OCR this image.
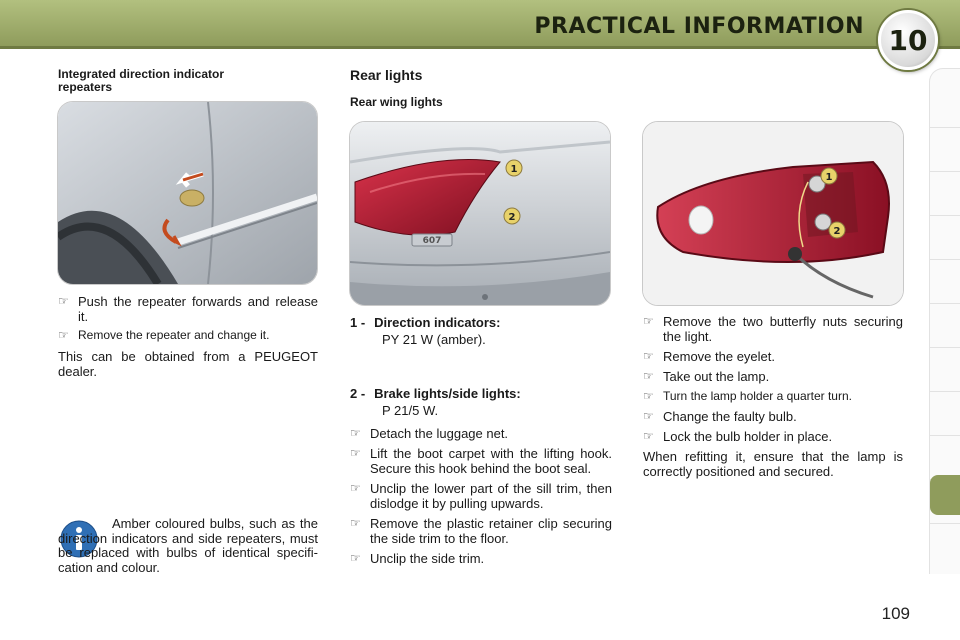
PRACTICAL INFORMATION 10
Integrated direction indicator
repeaters
☞ Push the repeater forwards and release it.
☞ Remove the repeater and change it.
This can be obtained from a PEUGEOT dealer.
Amber coloured bulbs, such as the direction indicators and side repeaters, must be replaced with bulbs of identical specifi-cation and colour.
Rear lights
Rear wing lights
607
1
2
1 - Direction indicators:
PY 21 W (amber).
2 - Brake lights/side lights:
P 21/5 W.
☞ Detach the luggage net.
☞ Lift the boot carpet with the lifting hook. Secure this hook behind the boot seal.
☞ Unclip the lower part of the sill trim, then dislodge it by pulling upwards.
☞ Remove the plastic retainer clip securing the side trim to the floor.
☞ Unclip the side trim.
1
2
☞ Remove the two butterfly nuts securing the light.
☞ Remove the eyelet.
☞ Take out the lamp.
☞ Turn the lamp holder a quarter turn.
☞ Change the faulty bulb.
☞ Lock the bulb holder in place.
When refitting it, ensure that the lamp is correctly positioned and secured.
109
